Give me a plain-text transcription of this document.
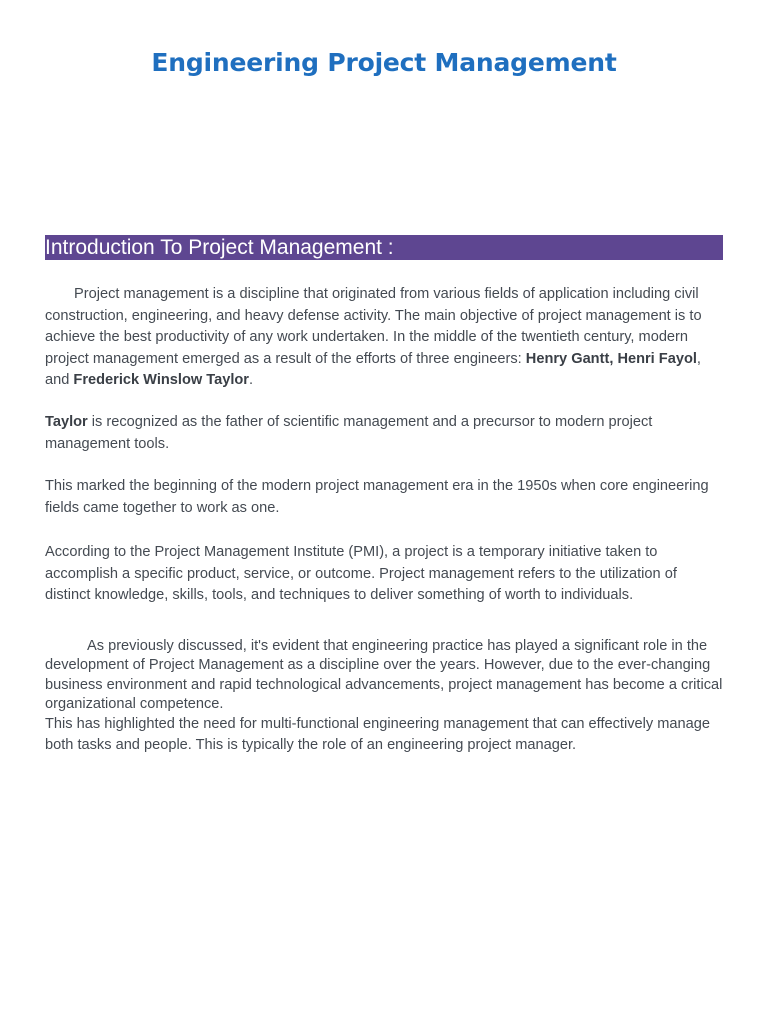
Engineering Project Management
Introduction To Project Management :

Project management is a discipline that originated from various fields of application including civil construction, engineering, and heavy defense activity. The main objective of project management is to achieve the best productivity of any work undertaken. In the middle of the twentieth century, modern project management emerged as a result of the efforts of three engineers: Henry Gantt, Henri Fayol, and Frederick Winslow Taylor.

Taylor is recognized as the father of scientific management and a precursor to modern project management tools.

This marked the beginning of the modern project management era in the 1950s when core engineering fields came together to work as one.

According to the Project Management Institute (PMI), a project is a temporary initiative taken to accomplish a specific product, service, or outcome. Project management refers to the utilization of distinct knowledge, skills, tools, and techniques to deliver something of worth to individuals.

As previously discussed, it's evident that engineering practice has played a significant role in the development of Project Management as a discipline over the years. However, due to the ever-changing business environment and rapid technological advancements, project management has become a critical organizational competence.

This has highlighted the need for multi-functional engineering management that can effectively manage both tasks and people. This is typically the role of an engineering project manager.
